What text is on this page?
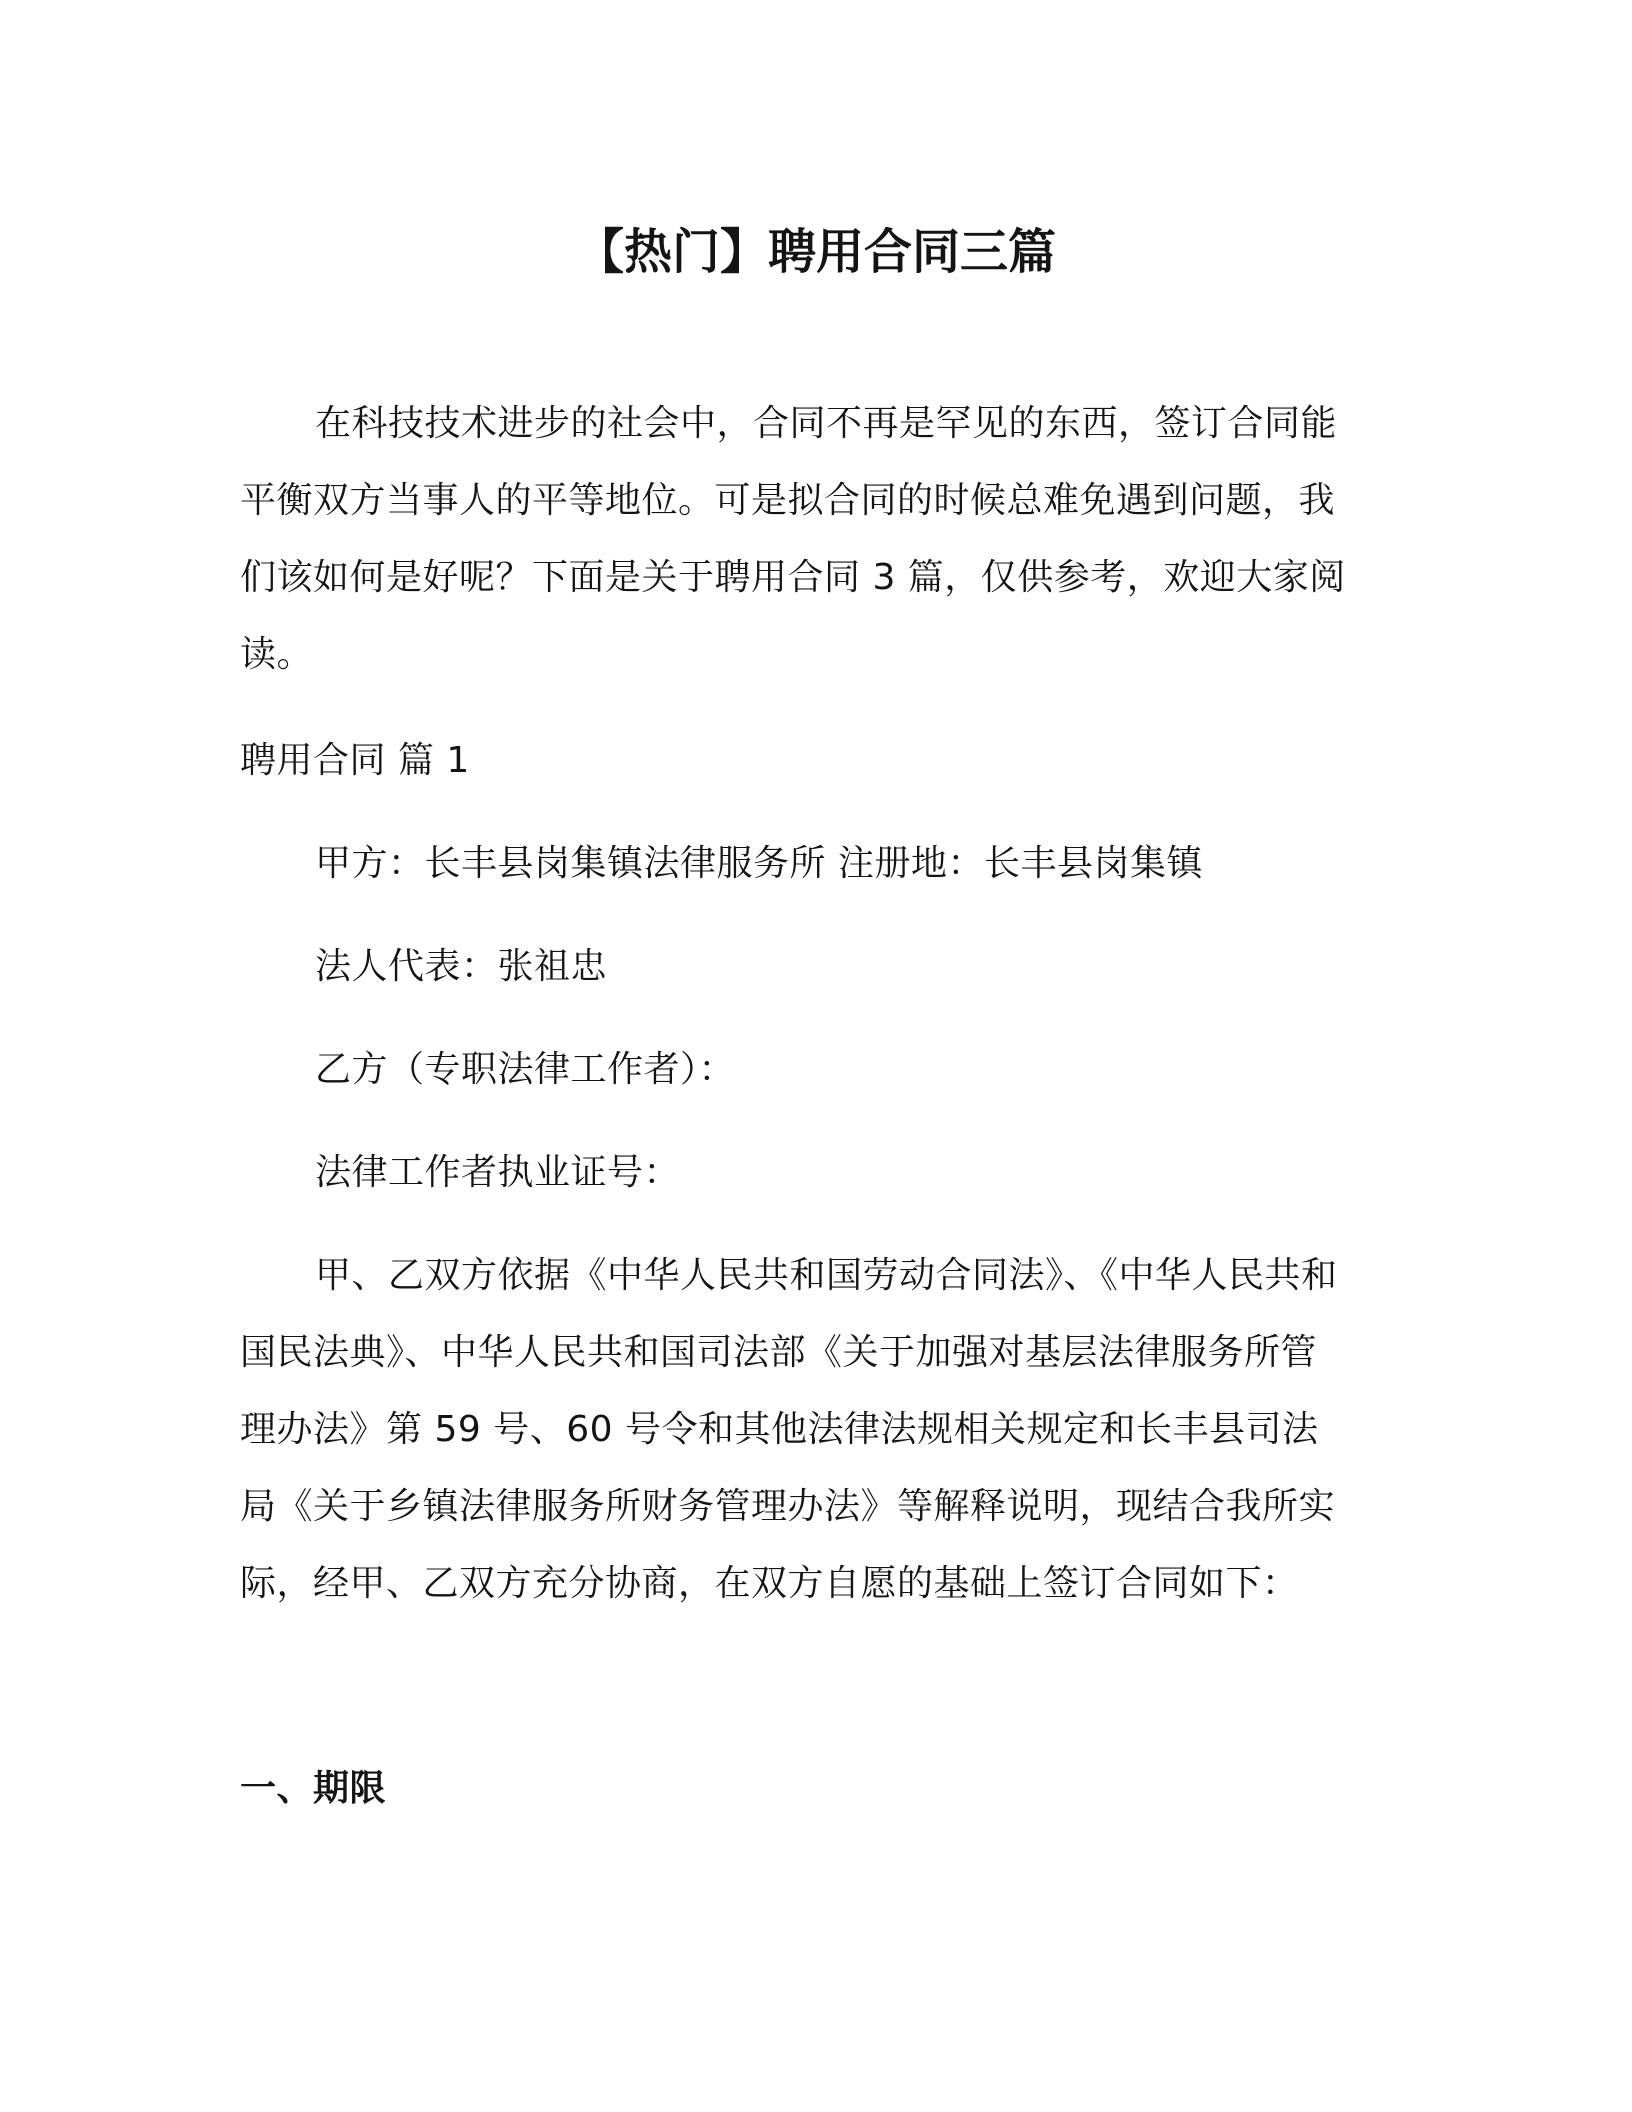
【热门】聘用合同三篇

在科技技术进步的社会中，合同不再是罕见的东西，签订合同能平衡双方当事人的平等地位。可是拟合同的时候总难免遇到问题，我们该如何是好呢？下面是关于聘用合同 3 篇，仅供参考，欢迎大家阅读。

聘用合同 篇 1

甲方：长丰县岗集镇法律服务所 注册地：长丰县岗集镇

法人代表：张祖忠

乙方（专职法律工作者）：

法律工作者执业证号：

甲、乙双方依据《中华人民共和国劳动合同法》、《中华人民共和国民法典》、中华人民共和国司法部《关于加强对基层法律服务所管理办法》第 59 号、60 号令和其他法律法规相关规定和长丰县司法局《关于乡镇法律服务所财务管理办法》等解释说明，现结合我所实际，经甲、乙双方充分协商，在双方自愿的基础上签订合同如下：

一、期限
